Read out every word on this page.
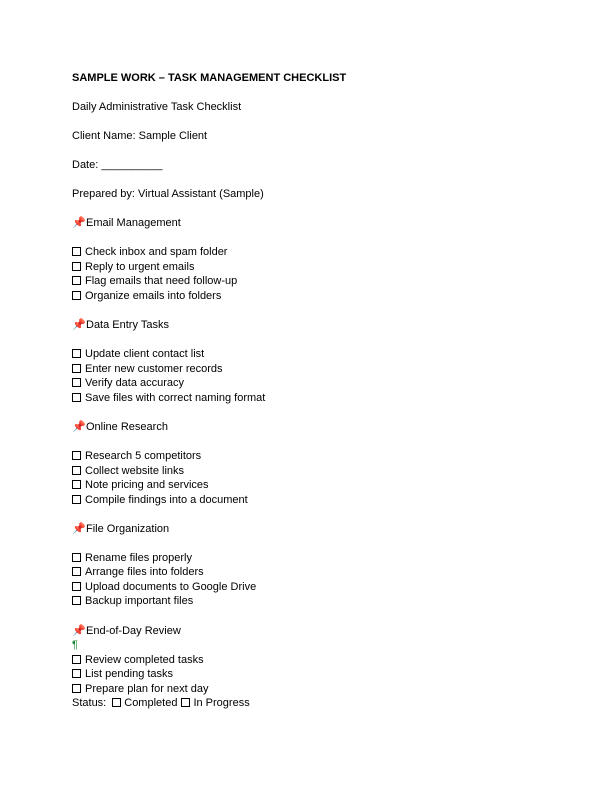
SAMPLE WORK – TASK MANAGEMENT CHECKLIST
Daily Administrative Task Checklist
Client Name: Sample Client
Date: __________
Prepared by: Virtual Assistant (Sample)
📌Email Management
Check inbox and spam folder
Reply to urgent emails
Flag emails that need follow-up
Organize emails into folders
📌Data Entry Tasks
Update client contact list
Enter new customer records
Verify data accuracy
Save files with correct naming format
📌Online Research
Research 5 competitors
Collect website links
Note pricing and services
Compile findings into a document
📌File Organization
Rename files properly
Arrange files into folders
Upload documents to Google Drive
Backup important files
📌End-of-Day Review
¶
Review completed tasks
List pending tasks
Prepare plan for next day
Status: Completed In Progress
